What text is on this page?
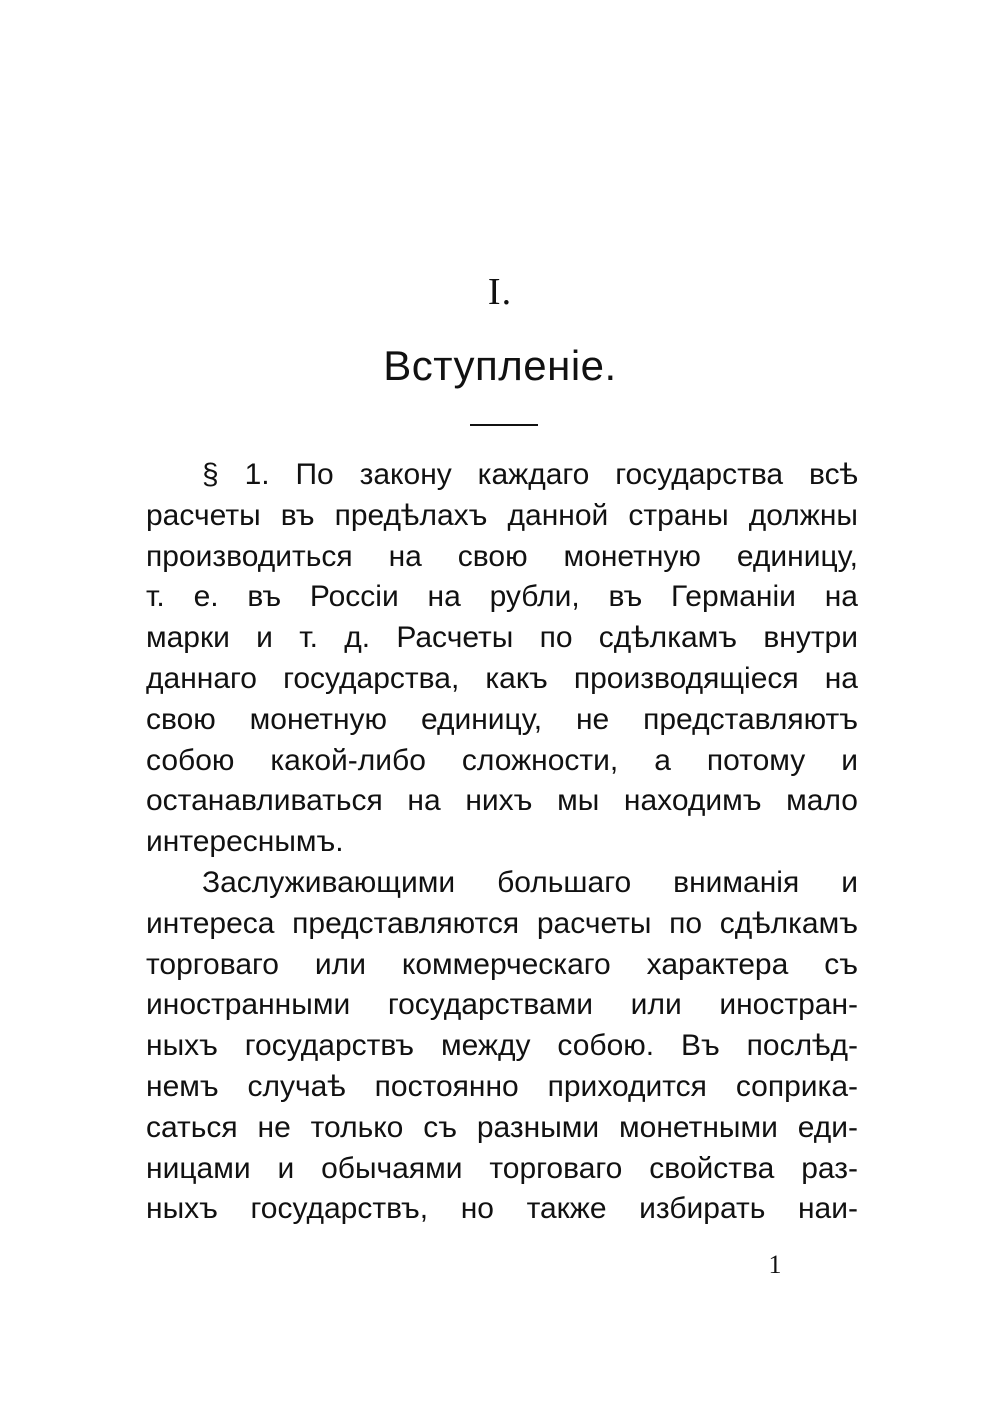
I.
Вступленіе.
§ 1. По закону каждаго государства всѣ
расчеты въ предѣлахъ данной страны должны
производиться на свою монетную единицу,
т. е. въ Россіи на рубли, въ Германіи на
марки и т. д. Расчеты по сдѣлкамъ внутри
даннаго государства, какъ производящіеся на
свою монетную единицу, не представляютъ
собою какой-либо сложности, а потому и
останавливаться на нихъ мы находимъ мало
интереснымъ.
Заслуживающими большаго вниманія и
интереса представляются расчеты по сдѣлкамъ
торговаго или коммерческаго характера съ
иностранными государствами или иностран-
ныхъ государствъ между собою. Въ послѣд-
немъ случаѣ постоянно приходится соприка-
саться не только съ разными монетными еди-
ницами и обычаями торговаго свойства раз-
ныхъ государствъ, но также избирать наи-
1
